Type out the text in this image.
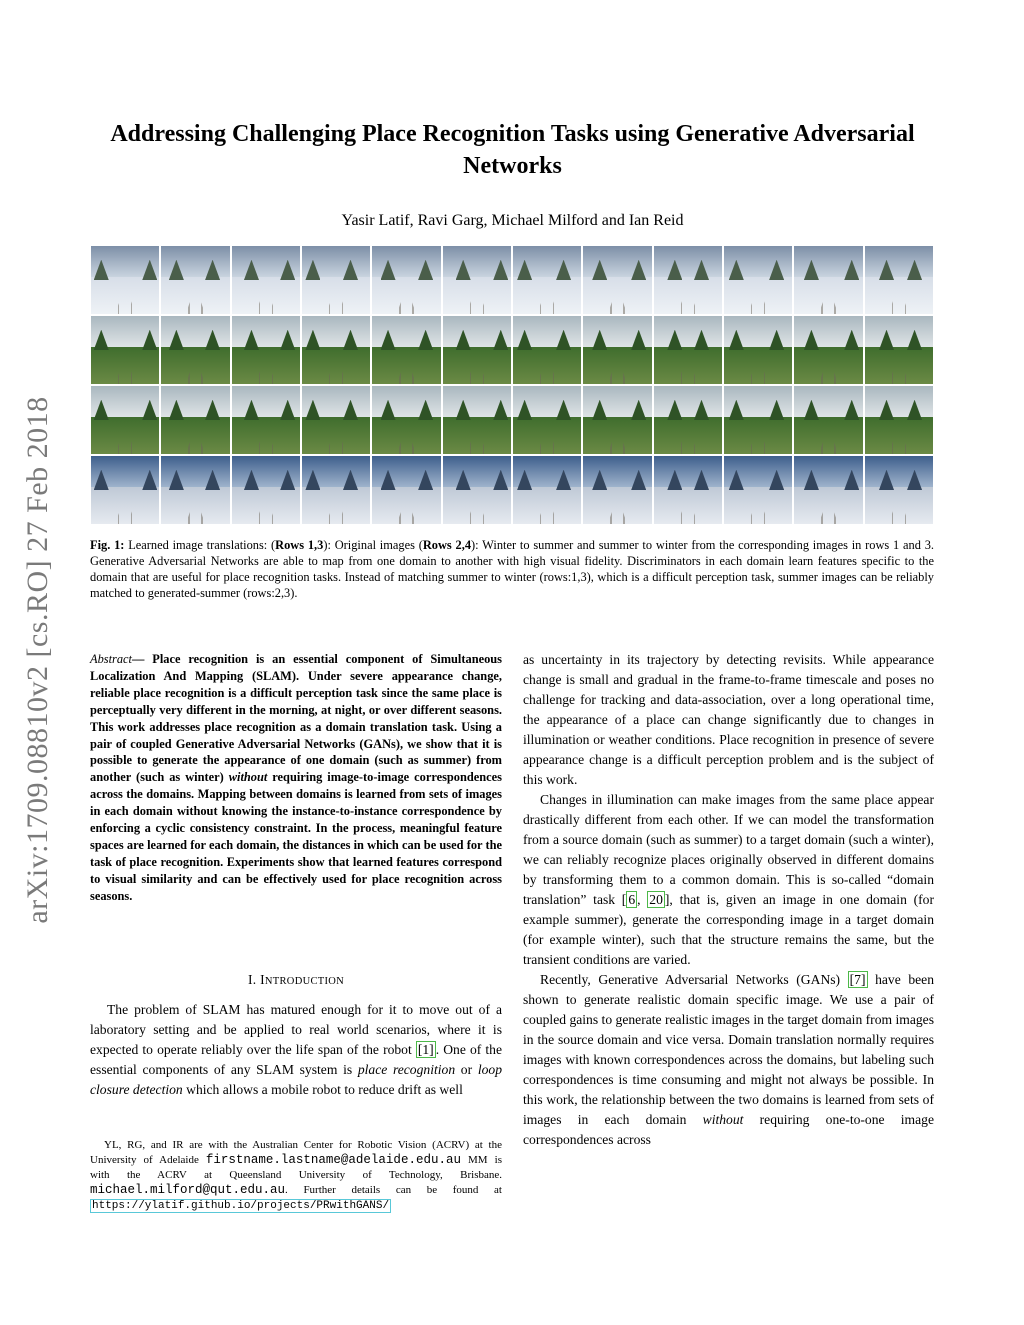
arXiv:1709.08810v2 [cs.RO] 27 Feb 2018
Addressing Challenging Place Recognition Tasks using Generative Adversarial Networks
Yasir Latif, Ravi Garg, Michael Milford and Ian Reid
Fig. 1: Learned image translations: (Rows 1,3): Original images (Rows 2,4): Winter to summer and summer to winter from the corresponding images in rows 1 and 3. Generative Adversarial Networks are able to map from one domain to another with high visual fidelity. Discriminators in each domain learn features specific to the domain that are useful for place recognition tasks. Instead of matching summer to winter (rows:1,3), which is a difficult perception task, summer images can be reliably matched to generated-summer (rows:2,3).
Abstract— Place recognition is an essential component of Simultaneous Localization And Mapping (SLAM). Under severe appearance change, reliable place recognition is a difficult perception task since the same place is perceptually very different in the morning, at night, or over different seasons. This work addresses place recognition as a domain translation task. Using a pair of coupled Generative Adversarial Networks (GANs), we show that it is possible to generate the appearance of one domain (such as summer) from another (such as winter) without requiring image-to-image correspondences across the domains. Mapping between domains is learned from sets of images in each domain without knowing the instance-to-instance correspondence by enforcing a cyclic consistency constraint. In the process, meaningful feature spaces are learned for each domain, the distances in which can be used for the task of place recognition. Experiments show that learned features correspond to visual similarity and can be effectively used for place recognition across seasons.
I. INTRODUCTION

The problem of SLAM has matured enough for it to move out of a laboratory setting and be applied to real world scenarios, where it is expected to operate reliably over the life span of the robot [1] . One of the essential components of any SLAM system is place recognition or loop closure detection which allows a mobile robot to reduce drift as well

YL, RG, and IR are with the Australian Center for Robotic Vision (ACRV) at the University of Adelaide firstname.lastname@adelaide.edu.au MM is with the ACRV at Queensland University of Technology, Brisbane. michael.milford@qut.edu.au. Further details can be found at https://ylatif.github.io/projects/PRwithGANS/

as uncertainty in its trajectory by detecting revisits. While appearance change is small and gradual in the frame-to-frame timescale and poses no challenge for tracking and data-association, over a long operational time, the appearance of a place can change significantly due to changes in illumination or weather conditions. Place recognition in presence of severe appearance change is a difficult perception problem and is the subject of this work.

Changes in illumination can make images from the same place appear drastically different from each other. If we can model the transformation from a source domain (such as summer) to a target domain (such a winter), we can reliably recognize places originally observed in different domains by transforming them to a common domain. This is so-called “domain translation” task [ 6 , 20 ], that is, given an image in one domain (for example summer), generate the corresponding image in a target domain (for example winter), such that the structure remains the same, but the transient conditions are varied.

Recently, Generative Adversarial Networks (GANs) [7] have been shown to generate realistic domain specific image. We use a pair of coupled gains to generate realistic images in the target domain from images in the source domain and vice versa. Domain translation normally requires images with known correspondences across the domains, but labeling such correspondences is time consuming and might not always be possible. In this work, the relationship between the two domains is learned from sets of images in each domain without requiring one-to-one image correspondences across
